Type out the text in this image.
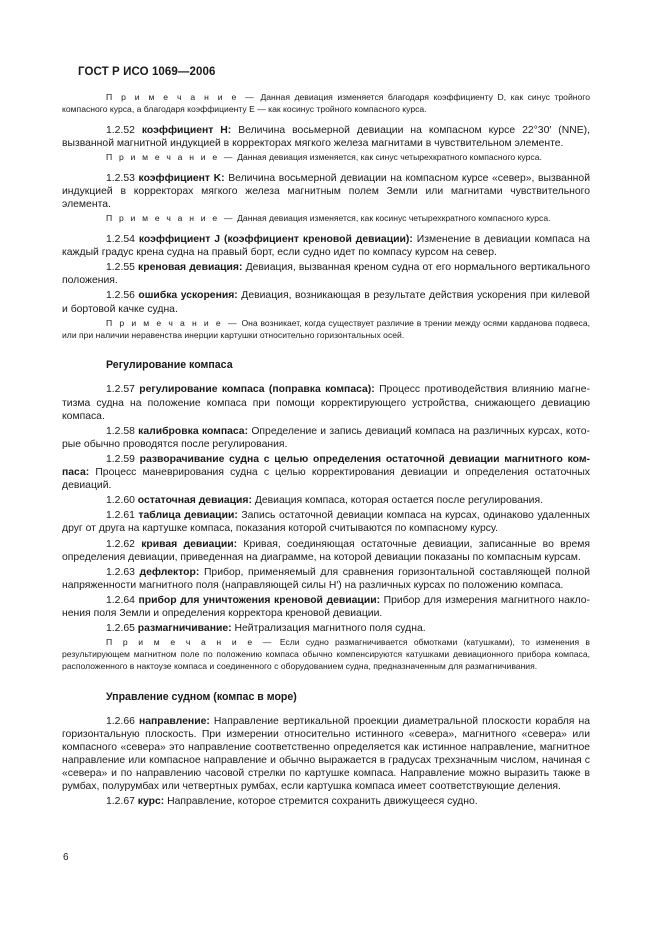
ГОСТ Р ИСО 1069—2006
П р и м е ч а н и е — Данная девиация изменяется благодаря коэффициенту D, как синус тройного компасного курса, а благодаря коэффициенту E — как косинус тройного компасного курса.
1.2.52 коэффициент H: Величина восьмерной девиации на компасном курсе 22°30′ (NNE), вызванной магнитной индукцией в корректорах мягкого железа магнитами в чувствительном элементе.
П р и м е ч а н и е — Данная девиация изменяется, как синус четырехкратного компасного курса.
1.2.53 коэффициент K: Величина восьмерной девиации на компасном курсе «север», вызванной индукцией в корректорах мягкого железа магнитным полем Земли или магнитами чувствительного элемента.
П р и м е ч а н и е — Данная девиация изменяется, как косинус четырехкратного компасного курса.
1.2.54 коэффициент J (коэффициент креновой девиации): Изменение в девиации компаса на каждый градус крена судна на правый борт, если судно идет по компасу курсом на север.
1.2.55 креновая девиация: Девиация, вызванная креном судна от его нормального вертикального положения.
1.2.56 ошибка ускорения: Девиация, возникающая в результате действия ускорения при килевой и бортовой качке судна.
П р и м е ч а н и е — Она возникает, когда существует различие в трении между осями карданова подвеса, или при наличии неравенства инерции картушки относительно горизонтальных осей.
Регулирование компаса
1.2.57 регулирование компаса (поправка компаса): Процесс противодействия влиянию магнетизма судна на положение компаса при помощи корректирующего устройства, снижающего девиацию компаса.
1.2.58 калибровка компаса: Определение и запись девиаций компаса на различных курсах, которые обычно проводятся после регулирования.
1.2.59 разворачивание судна с целью определения остаточной девиации магнитного компаса: Процесс маневрирования судна с целью корректирования девиации и определения остаточных девиаций.
1.2.60 остаточная девиация: Девиация компаса, которая остается после регулирования.
1.2.61 таблица девиации: Запись остаточной девиации компаса на курсах, одинаково удаленных друг от друга на картушке компаса, показания которой считываются по компасному курсу.
1.2.62 кривая девиации: Кривая, соединяющая остаточные девиации, записанные во время определения девиации, приведенная на диаграмме, на которой девиации показаны по компасным курсам.
1.2.63 дефлектор: Прибор, применяемый для сравнения горизонтальной составляющей полной напряженности магнитного поля (направляющей силы H′) на различных курсах по положению компаса.
1.2.64 прибор для уничтожения креновой девиации: Прибор для измерения магнитного наклонения поля Земли и определения корректора креновой девиации.
1.2.65 размагничивание: Нейтрализация магнитного поля судна.
П р и м е ч а н и е — Если судно размагничивается обмотками (катушками), то изменения в результирующем магнитном поле по положению компаса обычно компенсируются катушками девиационного прибора компаса, расположенного в нактоузе компаса и соединенного с оборудованием судна, предназначенным для размагничивания.
Управление судном (компас в море)
1.2.66 направление: Направление вертикальной проекции диаметральной плоскости корабля на горизонтальную плоскость. При измерении относительно истинного «севера», магнитного «севера» или компасного «севера» это направление соответственно определяется как истинное направление, магнитное направление или компасное направление и обычно выражается в градусах трехзначным числом, начиная с «севера» и по направлению часовой стрелки по картушке компаса. Направление можно выразить также в румбах, полурумбах или четвертных румбах, если картушка компаса имеет соответствующие деления.
1.2.67 курс: Направление, которое стремится сохранить движущееся судно.
6
